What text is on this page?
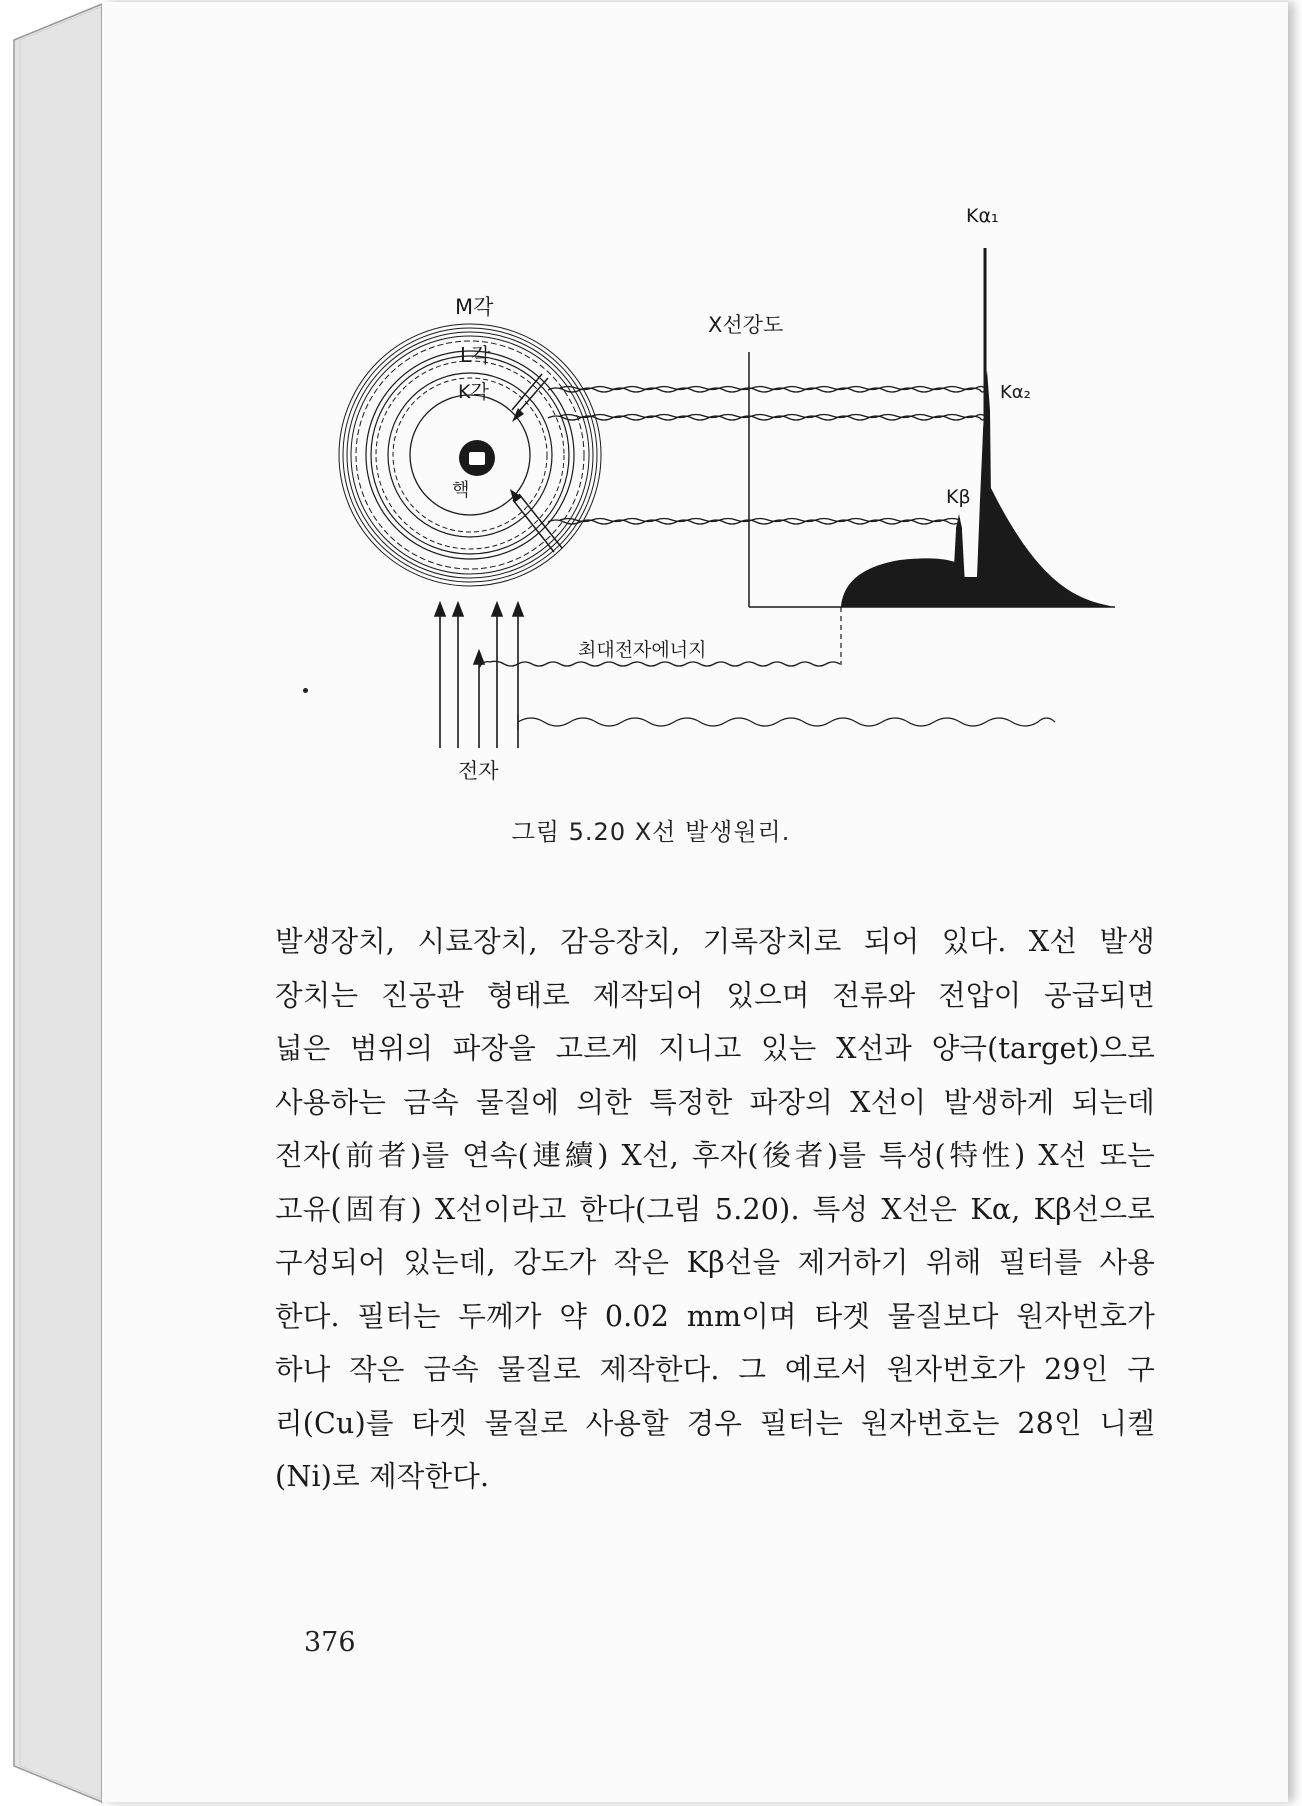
M각
L각
K각
핵
X선강도
Kα₁
Kα₂
Kβ
최대전자에너지
전자
그림 5.20 X선 발생원리.
발생장치, 시료장치, 감응장치, 기록장치로 되어 있다. X선 발생
장치는 진공관 형태로 제작되어 있으며 전류와 전압이 공급되면
넓은 범위의 파장을 고르게 지니고 있는 X선과 양극(target)으로
사용하는 금속 물질에 의한 특정한 파장의 X선이 발생하게 되는데
전자(前者)를 연속(連續) X선, 후자(後者)를 특성(特性) X선 또는
고유(固有) X선이라고 한다(그림 5.20). 특성 X선은 Kα, Kβ선으로
구성되어 있는데, 강도가 작은 Kβ선을 제거하기 위해 필터를 사용
한다. 필터는 두께가 약 0.02 mm이며 타겟 물질보다 원자번호가
하나 작은 금속 물질로 제작한다. 그 예로서 원자번호가 29인 구
리(Cu)를 타겟 물질로 사용할 경우 필터는 원자번호는 28인 니켈
(Ni)로 제작한다.
376
